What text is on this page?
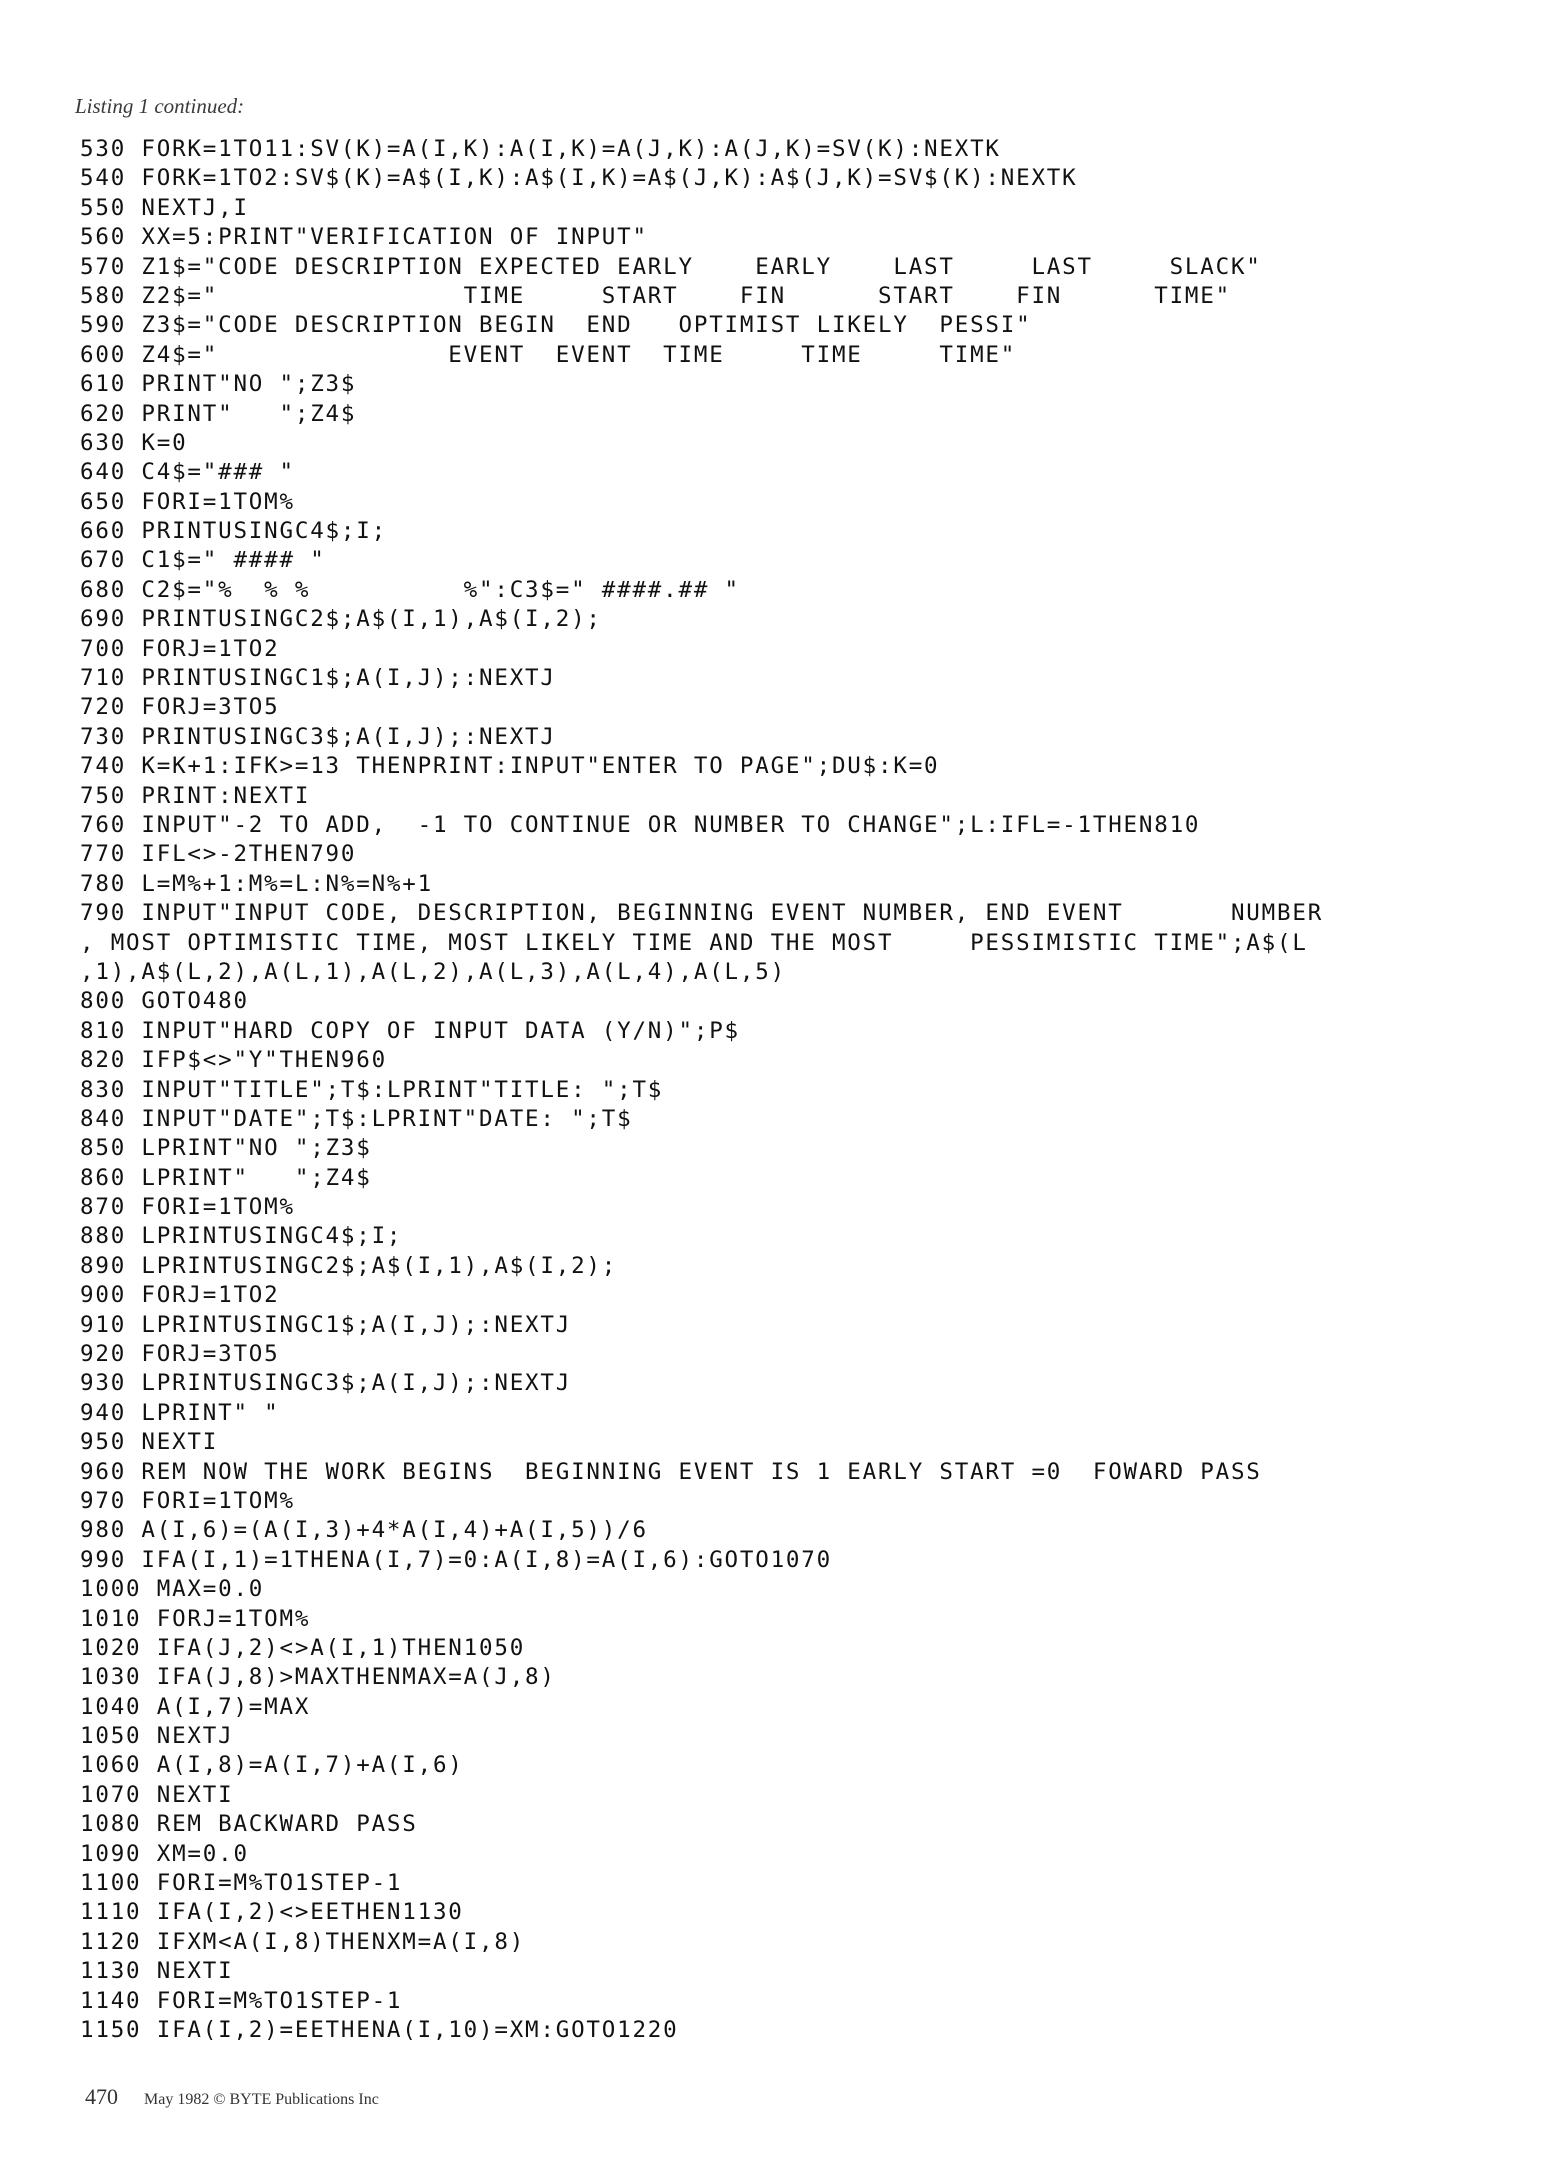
Listing 1 continued:
530 FORK=1TO11:SV(K)=A(I,K):A(I,K)=A(J,K):A(J,K)=SV(K):NEXTK
540 FORK=1TO2:SV$(K)=A$(I,K):A$(I,K)=A$(J,K):A$(J,K)=SV$(K):NEXTK
550 NEXTJ,I
560 XX=5:PRINT"VERIFICATION OF INPUT"
570 Z1$="CODE DESCRIPTION EXPECTED EARLY    EARLY    LAST     LAST     SLACK"
580 Z2$="                TIME     START    FIN      START    FIN      TIME"
590 Z3$="CODE DESCRIPTION BEGIN  END   OPTIMIST LIKELY  PESSI"
600 Z4$="               EVENT  EVENT  TIME     TIME     TIME"
610 PRINT"NO ";Z3$
620 PRINT"   ";Z4$
630 K=0
640 C4$="### "
650 FORI=1TOM%
660 PRINTUSINGC4$;I;
670 C1$=" #### "
680 C2$="%  % %          %":C3$=" ####.## "
690 PRINTUSINGC2$;A$(I,1),A$(I,2);
700 FORJ=1TO2
710 PRINTUSINGC1$;A(I,J);:NEXTJ
720 FORJ=3TO5
730 PRINTUSINGC3$;A(I,J);:NEXTJ
740 K=K+1:IFK>=13 THENPRINT:INPUT"ENTER TO PAGE";DU$:K=0
750 PRINT:NEXTI
760 INPUT"-2 TO ADD,  -1 TO CONTINUE OR NUMBER TO CHANGE";L:IFL=-1THEN810
770 IFL<>-2THEN790
780 L=M%+1:M%=L:N%=N%+1
790 INPUT"INPUT CODE, DESCRIPTION, BEGINNING EVENT NUMBER, END EVENT       NUMBER
, MOST OPTIMISTIC TIME, MOST LIKELY TIME AND THE MOST     PESSIMISTIC TIME";A$(L
,1),A$(L,2),A(L,1),A(L,2),A(L,3),A(L,4),A(L,5)
800 GOTO480
810 INPUT"HARD COPY OF INPUT DATA (Y/N)";P$
820 IFP$<>"Y"THEN960
830 INPUT"TITLE";T$:LPRINT"TITLE: ";T$
840 INPUT"DATE";T$:LPRINT"DATE: ";T$
850 LPRINT"NO ";Z3$
860 LPRINT"   ";Z4$
870 FORI=1TOM%
880 LPRINTUSINGC4$;I;
890 LPRINTUSINGC2$;A$(I,1),A$(I,2);
900 FORJ=1TO2
910 LPRINTUSINGC1$;A(I,J);:NEXTJ
920 FORJ=3TO5
930 LPRINTUSINGC3$;A(I,J);:NEXTJ
940 LPRINT" "
950 NEXTI
960 REM NOW THE WORK BEGINS  BEGINNING EVENT IS 1 EARLY START =0  FOWARD PASS
970 FORI=1TOM%
980 A(I,6)=(A(I,3)+4*A(I,4)+A(I,5))/6
990 IFA(I,1)=1THENA(I,7)=0:A(I,8)=A(I,6):GOTO1070
1000 MAX=0.0
1010 FORJ=1TOM%
1020 IFA(J,2)<>A(I,1)THEN1050
1030 IFA(J,8)>MAXTHENMAX=A(J,8)
1040 A(I,7)=MAX
1050 NEXTJ
1060 A(I,8)=A(I,7)+A(I,6)
1070 NEXTI
1080 REM BACKWARD PASS
1090 XM=0.0
1100 FORI=M%TO1STEP-1
1110 IFA(I,2)<>EETHEN1130
1120 IFXM<A(I,8)THENXM=A(I,8)
1130 NEXTI
1140 FORI=M%TO1STEP-1
1150 IFA(I,2)=EETHENA(I,10)=XM:GOTO1220
470 May 1982 © BYTE Publications Inc
